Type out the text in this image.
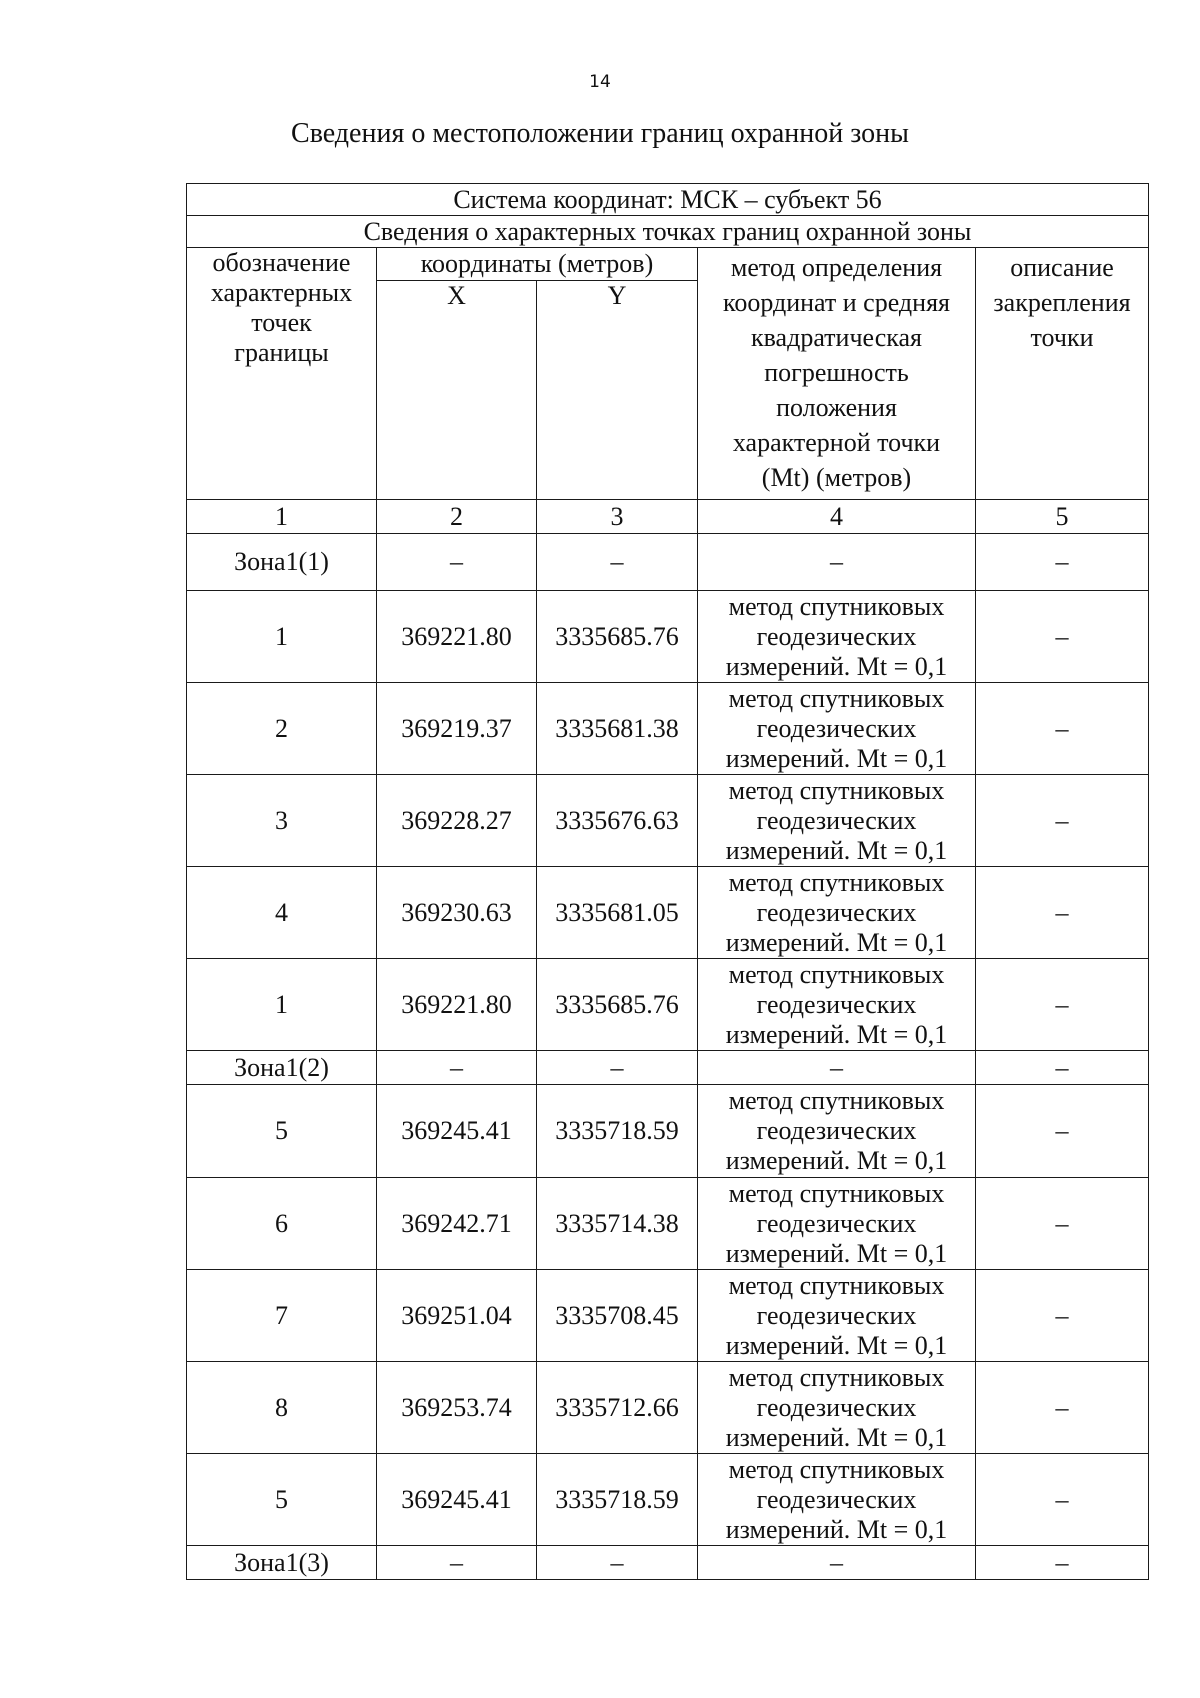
14
Сведения о местоположении границ охранной зоны
Система координат: МСК – субъект 56				
Сведения о характерных точках границ охранной зоны				
обозначение характерных точек границы	координаты (метров)		метод определения координат и средняя квадратическая погрешность положения характерной точки (Mt) (метров)	описание закрепления точки
	X	Y		
1	2	3	4	5
Зона1(1)	–	–	–	–
1	369221.80	3335685.76	метод спутниковых геодезических измерений. Mt = 0,1	–
2	369219.37	3335681.38	метод спутниковых геодезических измерений. Mt = 0,1	–
3	369228.27	3335676.63	метод спутниковых геодезических измерений. Mt = 0,1	–
4	369230.63	3335681.05	метод спутниковых геодезических измерений. Mt = 0,1	–
1	369221.80	3335685.76	метод спутниковых геодезических измерений. Mt = 0,1	–
Зона1(2)	–	–	–	–
5	369245.41	3335718.59	метод спутниковых геодезических измерений. Mt = 0,1	–
6	369242.71	3335714.38	метод спутниковых геодезических измерений. Mt = 0,1	–
7	369251.04	3335708.45	метод спутниковых геодезических измерений. Mt = 0,1	–
8	369253.74	3335712.66	метод спутниковых геодезических измерений. Mt = 0,1	–
5	369245.41	3335718.59	метод спутниковых геодезических измерений. Mt = 0,1	–
Зона1(3)	–	–	–	–
